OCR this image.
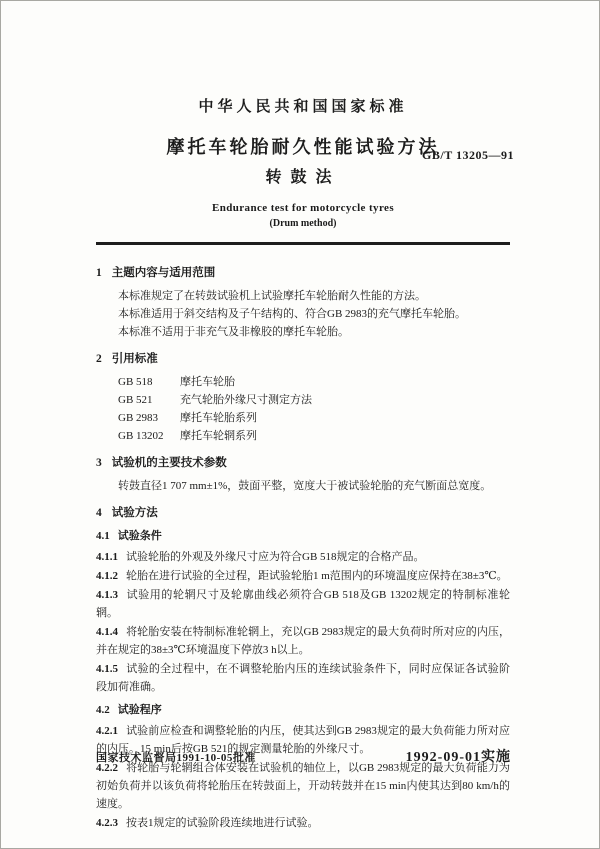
中华人民共和国国家标准
摩托车轮胎耐久性能试验方法
转鼓法
GB/T 13205—91
Endurance test for motorcycle tyres
(Drum method)
1 主题内容与适用范围

本标准规定了在转鼓试验机上试验摩托车轮胎耐久性能的方法。

本标准适用于斜交结构及子午结构的、符合GB 2983的充气摩托车轮胎。

本标准不适用于非充气及非橡胶的摩托车轮胎。

2 引用标准

GB 518 摩托车轮胎

GB 521 充气轮胎外缘尺寸测定方法

GB 2983 摩托车轮胎系列

GB 13202 摩托车轮辋系列

3 试验机的主要技术参数

转鼓直径1 707 mm±1%，鼓面平整，宽度大于被试验轮胎的充气断面总宽度。

4 试验方法

4.1 试验条件

4.1.1 试验轮胎的外观及外缘尺寸应为符合GB 518规定的合格产品。

4.1.2 轮胎在进行试验的全过程，距试验轮胎1 m范围内的环境温度应保持在38±3℃。

4.1.3 试验用的轮辋尺寸及轮廓曲线必须符合GB 518及GB 13202规定的特制标准轮辋。

4.1.4 将轮胎安装在特制标准轮辋上，充以GB 2983规定的最大负荷时所对应的内压，并在规定的38±3℃环境温度下停放3 h以上。

4.1.5 试验的全过程中，在不调整轮胎内压的连续试验条件下，同时应保证各试验阶段加荷准确。

4.2 试验程序

4.2.1 试验前应检查和调整轮胎的内压，使其达到GB 2983规定的最大负荷能力所对应的内压。15 min后按GB 521的规定测量轮胎的外缘尺寸。

4.2.2 将轮胎与轮辋组合体安装在试验机的轴位上，以GB 2983规定的最大负荷能力为初始负荷并以该负荷将轮胎压在转鼓面上，开动转鼓并在15 min内使其达到80 km/h的速度。

4.2.3 按表1规定的试验阶段连续地进行试验。

国家技术监督局1991-10-05批准	1992-09-01实施
